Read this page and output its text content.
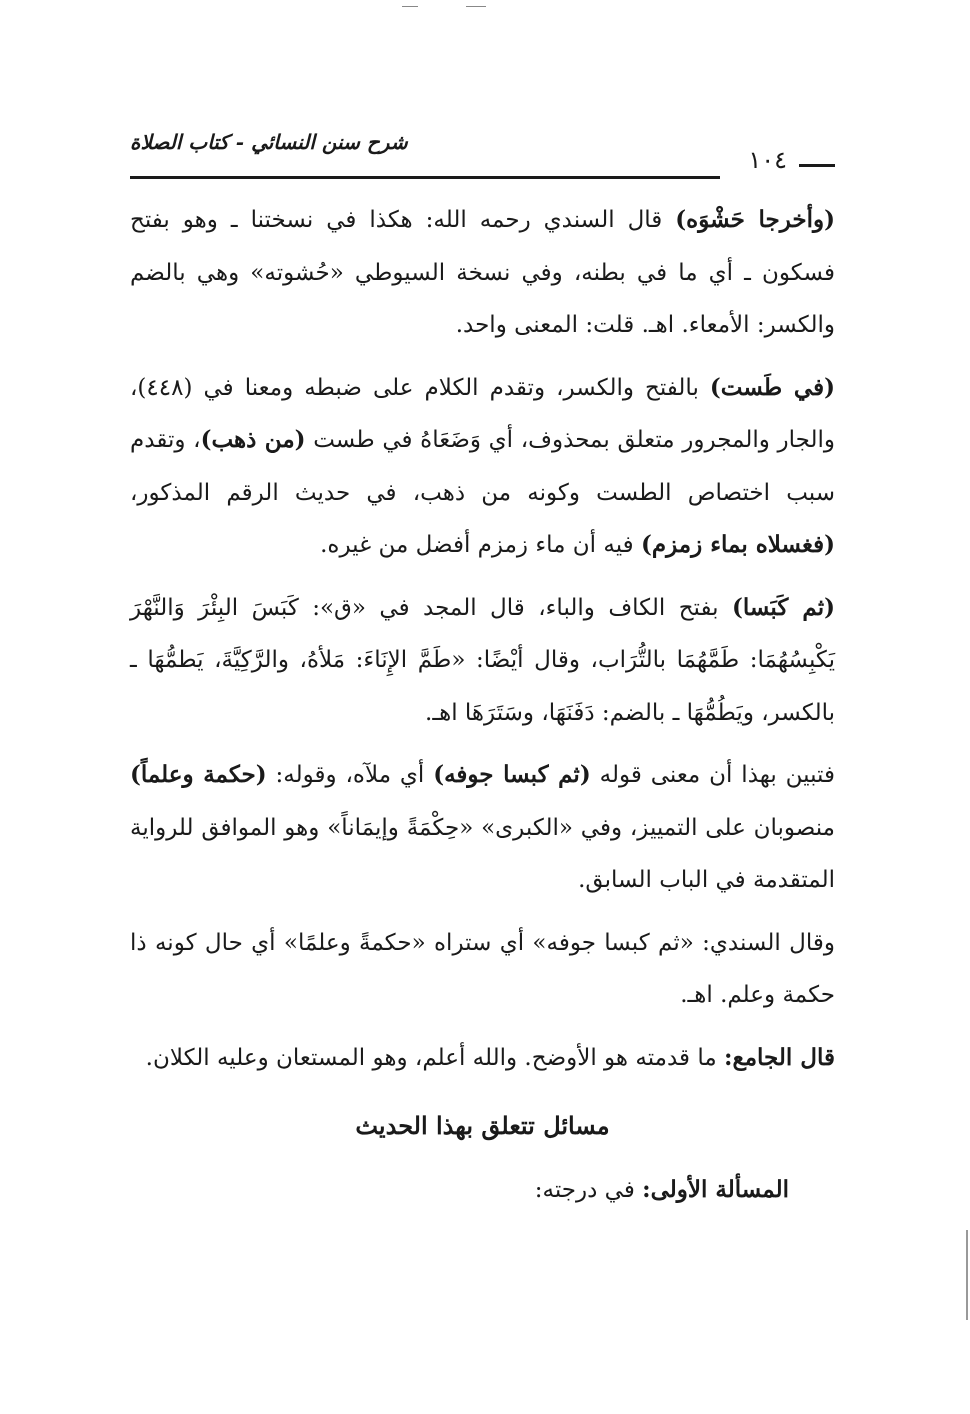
شرح سنن النسائي - كتاب الصلاة
١٠٤

(وأخرجا حَشْوَه) قال السندي رحمه الله: هكذا في نسختنا ـ وهو بفتح فسكون ـ أي ما في بطنه، وفي نسخة السيوطي «حُشوته» وهي بالضم والكسر: الأمعاء. اهـ. قلت: المعنى واحد.

(في طَست) بالفتح والكسر، وتقدم الكلام على ضبطه ومعنا في (٤٤٨)، والجار والمجرور متعلق بمحذوف، أي وَضَعَاهُ في طست (من ذهب)، وتقدم سبب اختصاص الطست وكونه من ذهب، في حديث الرقم المذكور، (فغسلاه بماء زمزم) فيه أن ماء زمزم أفضل من غيره.

(ثم كَبَسا) بفتح الكاف والباء، قال المجد في «ق»: كَبَسَ البِئْرَ وَالنَّهْرَ يَكْبِسُهُمَا: طَمَّهُمَا بالتُّرَاب، وقال أيْضًا: «طَمَّ الإِنَاءَ: مَلأهُ، والرَّكِيَّةَ، يَطمُّهَا ـ بالكسر، ويَطُمُّهَا ـ بالضم: دَفَنَهَا، وسَتَرَهَا اهـ.

فتبين بهذا أن معنى قوله (ثم كبسا جوفه) أي ملآه، وقوله: (حكمة وعلماً) منصوبان على التمييز، وفي «الكبرى» «حِكْمَةً وإيمَاناً» وهو الموافق للرواية المتقدمة في الباب السابق.

وقال السندي: «ثم كبسا جوفه» أي ستراه «حكمةً وعلمًا» أي حال كونه ذا حكمة وعلم. اهـ.

قال الجامع: ما قدمته هو الأوضح. والله أعلم، وهو المستعان وعليه الكلان.

مسائل تتعلق بهذا الحديث
المسألة الأولى: في درجته:
